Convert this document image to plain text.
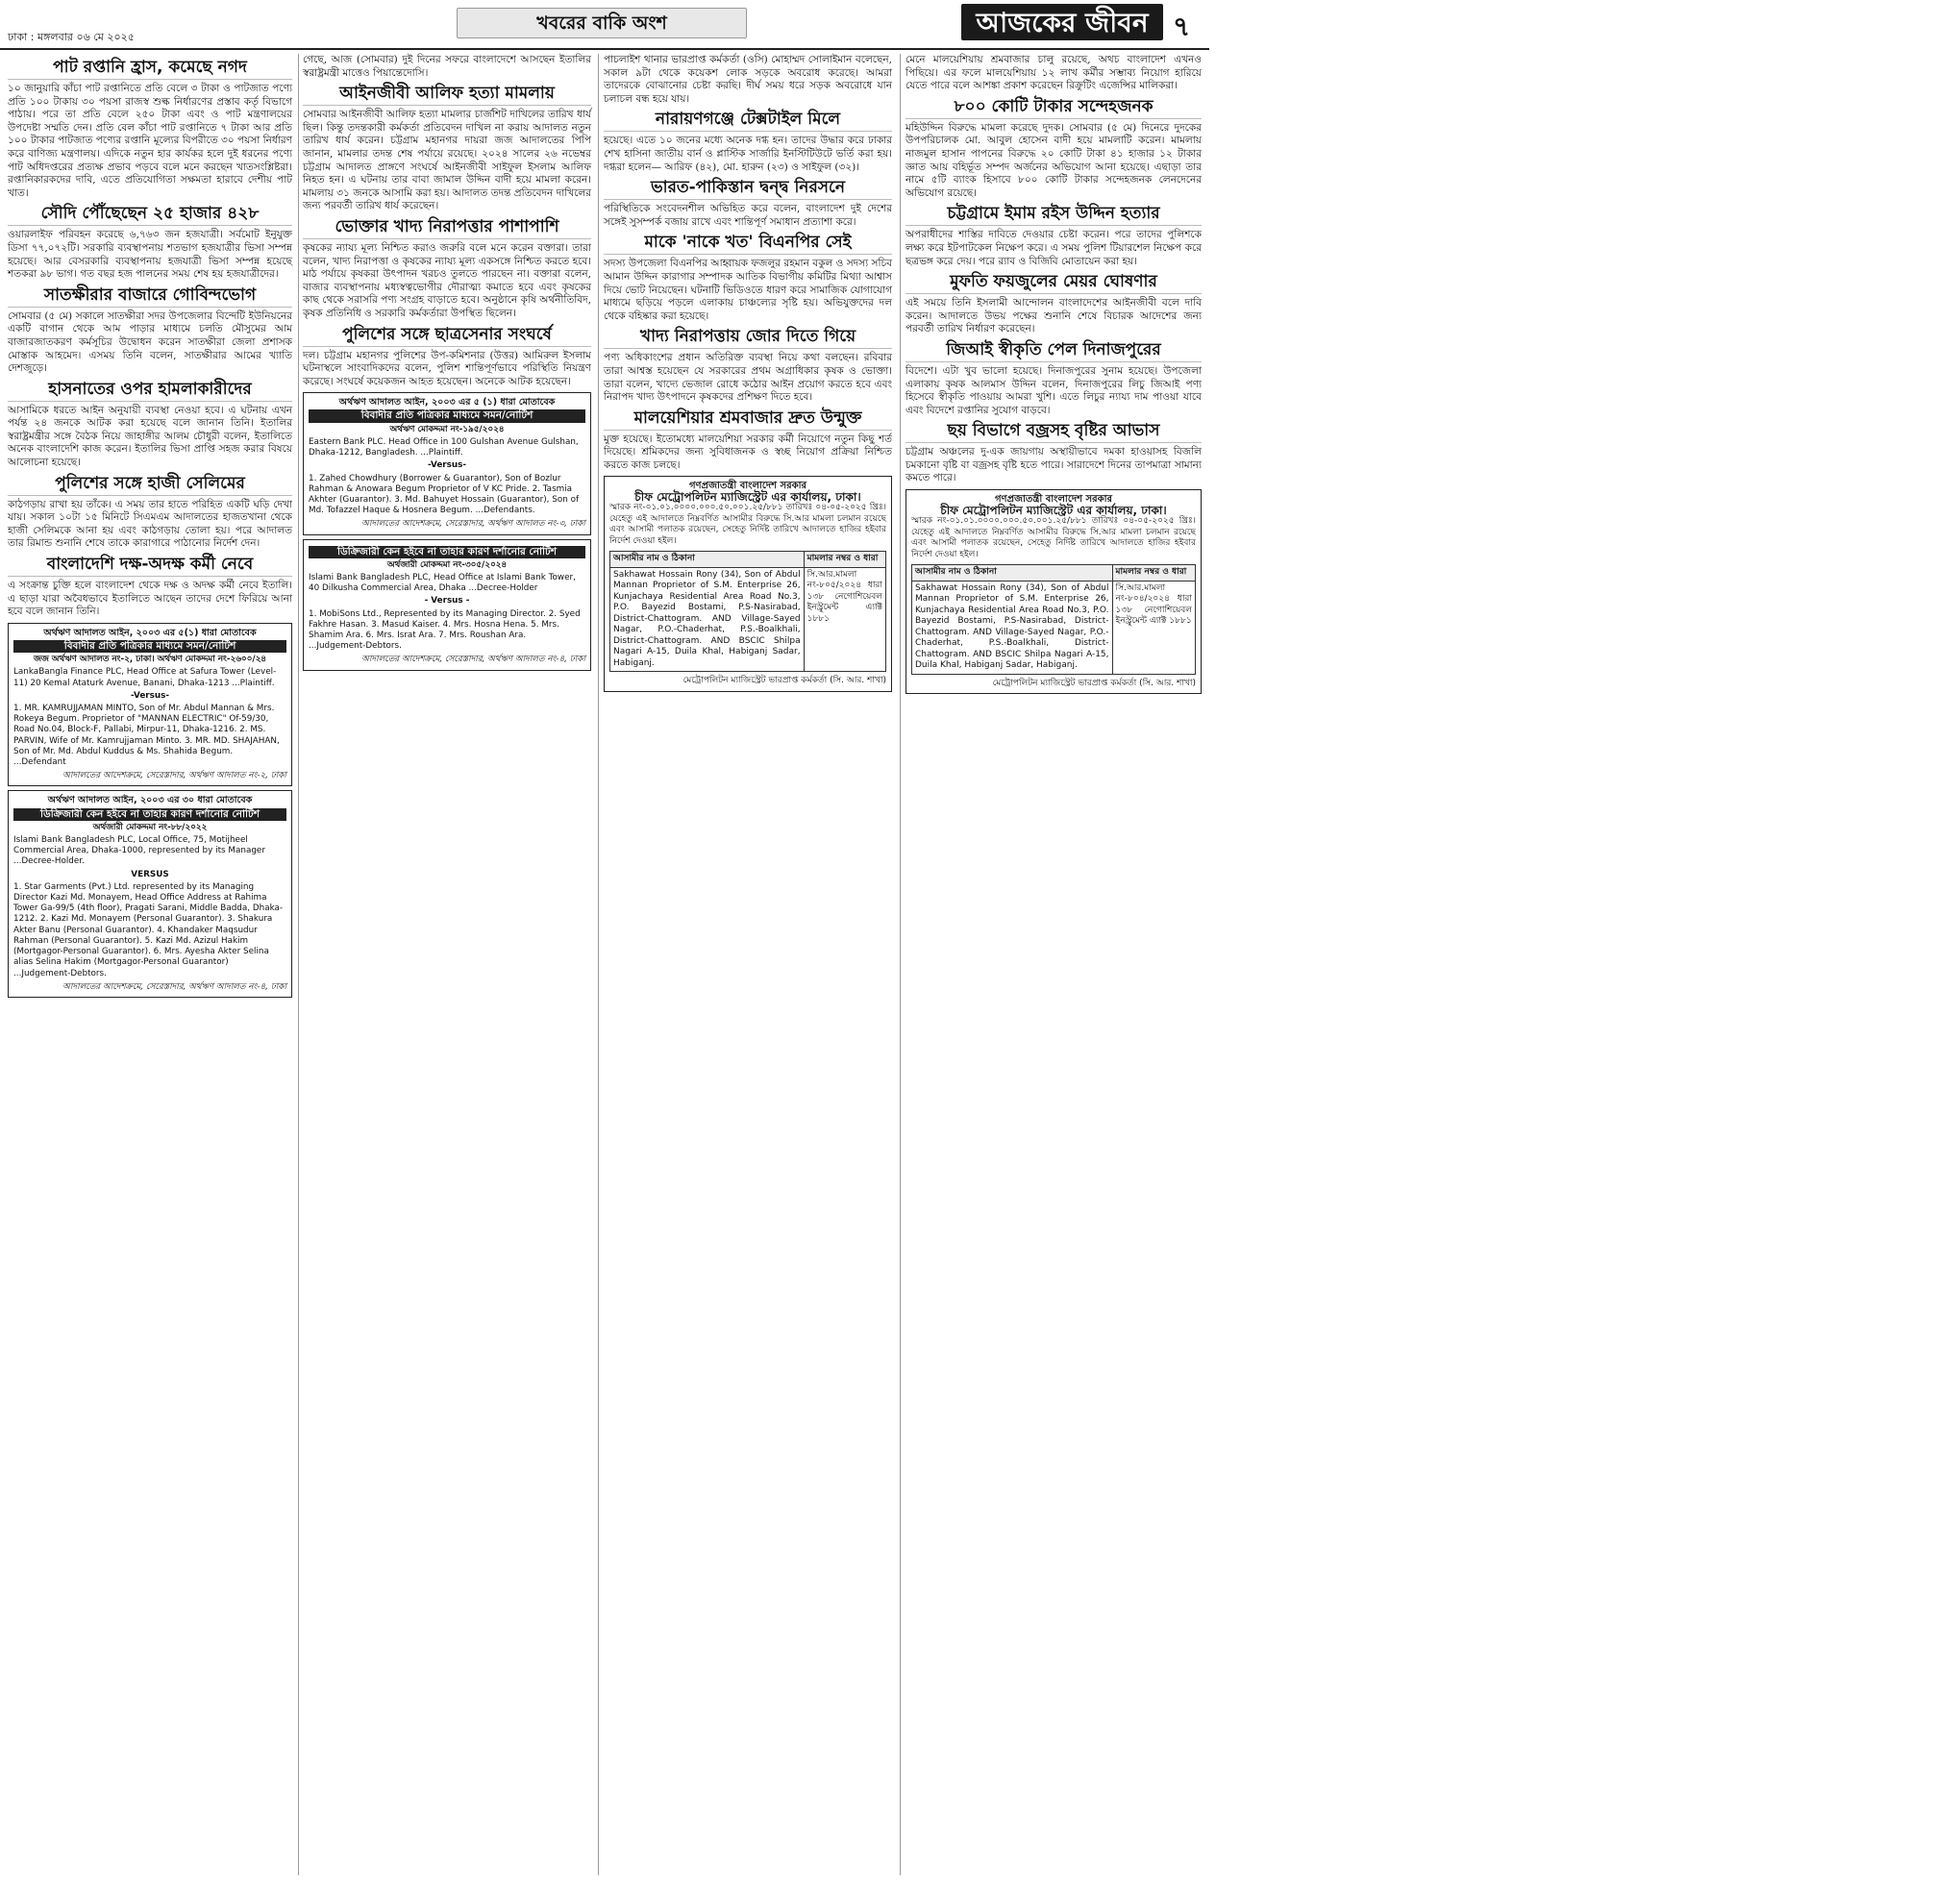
ঢাকা : মঙ্গলবার ০৬ মে ২০২৫
খবরের বাকি অংশ	সত্য প্রকাশে আপোষহীন
আজকের জীবন ৭
পাট রপ্তানি হ্রাস, কমেছে নগদ

১০ জানুয়ারি কাঁচা পাট রপ্তানিতে প্রতি বেলে ৩ টাকা ও পাটজাত পণ্যে প্রতি ১০০ টাকায় ৩০ পয়সা রাজস্ব শুল্ক নির্ধারণের প্রস্তাব কর্তৃ বিভাগে পাঠায়। পরে তা প্রতি বেলে ২৫০ টাকা এবং ও পাট মন্ত্রণালয়ের উপদেষ্টা সম্মতি দেন। প্রতি বেল কাঁচা পাট রপ্তানিতে ৭ টাকা আর প্রতি ১০০ টাকার পাটজাত পণ্যের রপ্তানি মূল্যের বিপরীতে ৩০ পয়সা নির্ধারণ করে বাণিজ্য মন্ত্রণালয়। এদিকে নতুন হার কার্যকর হলে দুই ধরনের পণ্যে পাট অধিদপ্তরের প্রত্যক্ষ প্রভাব পড়বে বলে মনে করছেন খাতসংশ্লিষ্টরা। রপ্তানিকারকদের দাবি, এতে প্রতিযোগিতা সক্ষমতা হারাবে দেশীয় পাট খাত।

সৌদি পৌঁছেছেন ২৫ হাজার ৪২৮

ওয়ারলাইফ পরিবহন করেছে ৬,৭৬৩ জন হজযাত্রী। সর্বমোট ইনুযুক্ত ডিসা ৭৭,০৭২টি। সরকারি ব্যবস্থাপনায় শতভাগ হজযাত্রীর ভিসা সম্পন্ন হয়েছে। আর বেসরকারি ব্যবস্থাপনায় হজযাত্রী ভিসা সম্পন্ন হয়েছে শতকরা ৯৮ ভাগ। গত বছর হজ পালনের সময় শেষ হয় হজযাত্রীদের।

সাতক্ষীরার বাজারে গোবিন্দভোগ

সোমবার (৫ মে) সকালে সাতক্ষীরা সদর উপজেলার বিন্দেটি ইউনিয়নের একটি বাগান থেকে আম পাড়ার মাধ্যমে চলতি মৌসুমের আম বাজারজাতকরণ কর্মসূচির উদ্বোধন করেন সাতক্ষীরা জেলা প্রশাসক মোস্তাক আহমেদ। এসময় তিনি বলেন, সাতক্ষীরার আমের খ্যাতি দেশজুড়ে।

হাসনাতের ওপর হামলাকারীদের

আসামিকে ধরতে আইন অনুযায়ী ব্যবস্থা নেওয়া হবে। এ ঘটনায় এখন পর্যন্ত ২৪ জনকে আটক করা হয়েছে বলে জানান তিনি। ইতালির স্বরাষ্ট্রমন্ত্রীর সঙ্গে বৈঠক নিয়ে জাহাঙ্গীর আলম চৌধুরী বলেন, ইতালিতে অনেক বাংলাদেশি কাজ করেন। ইতালির ভিসা প্রাপ্তি সহজ করার বিষয়ে আলোচনা হয়েছে।

পুলিশের সঙ্গে হাজী সেলিমের

কাঠগড়ায় রাখা হয় তাঁকে। এ সময় তার হাতে পরিহিত একটি ঘড়ি দেখা যায়। সকাল ১০টা ১৫ মিনিটে সিএমএম আদালতের হাজতখানা থেকে হাজী সেলিমকে আনা হয় এবং কাঠগড়ায় তোলা হয়। পরে আদালত তার রিমান্ড শুনানি শেষে তাকে কারাগারে পাঠানোর নির্দেশ দেন।

বাংলাদেশি দক্ষ-অদক্ষ কর্মী নেবে

এ সংক্রান্ত চুক্তি হলে বাংলাদেশ থেকে দক্ষ ও অদক্ষ কর্মী নেবে ইতালি। এ ছাড়া যারা অবৈধভাবে ইতালিতে আছেন তাদের দেশে ফিরিয়ে আনা হবে বলে জানান তিনি।

অর্থঋণ আদালত আইন, ২০০৩ এর ৫(১) ধারা মোতাবেক
বিবাদীর প্রতি পত্রিকার মাধ্যমে সমন/নোটিশ
জজ অর্থঋণ আদালত নং-২, ঢাকা। অর্থঋণ মোকদ্দমা নং-২৬০০/২৪
LankaBangla Finance PLC, Head Office at Safura Tower (Level-11) 20 Kemal Ataturk Avenue, Banani, Dhaka-1213 ...Plaintiff.
-Versus-
1. MR. KAMRUJJAMAN MINTO, Son of Mr. Abdul Mannan & Mrs. Rokeya Begum. Proprietor of "MANNAN ELECTRIC" Of-59/30, Road No.04, Block-F, Pallabi, Mirpur-11, Dhaka-1216. 2. MS. PARVIN, Wife of Mr. Kamrujjaman Minto. 3. MR. MD. SHAJAHAN, Son of Mr. Md. Abdul Kuddus & Ms. Shahida Begum. ...Defendant
আদালতের আদেশক্রমে, সেরেস্তাদার, অর্থঋণ আদালত নং-২, ঢাকা
অর্থঋণ আদালত আইন, ২০০৩ এর ৩০ ধারা মোতাবেক
ডিক্রিজারী কেন হইবে না তাহার কারণ দর্শানোর নোটিশ
অর্থজারী মোকদ্দমা নং-৮৮/২০২২
Islami Bank Bangladesh PLC, Local Office, 75, Motijheel Commercial Area, Dhaka-1000, represented by its Manager ...Decree-Holder.
VERSUS
1. Star Garments (Pvt.) Ltd. represented by its Managing Director Kazi Md. Monayem, Head Office Address at Rahima Tower Ga-99/5 (4th floor), Pragati Sarani, Middle Badda, Dhaka-1212. 2. Kazi Md. Monayem (Personal Guarantor). 3. Shakura Akter Banu (Personal Guarantor). 4. Khandaker Maqsudur Rahman (Personal Guarantor). 5. Kazi Md. Azizul Hakim (Mortgagor-Personal Guarantor). 6. Mrs. Ayesha Akter Selina alias Selina Hakim (Mortgagor-Personal Guarantor) ...Judgement-Debtors.
আদালতের আদেশক্রমে, সেরেস্তাদার, অর্থঋণ আদালত নং-৪, ঢাকা

গেছে, আজ (সোমবার) দুই দিনের সফরে বাংলাদেশে আসছেন ইতালির স্বরাষ্ট্রমন্ত্রী মাত্তেও পিয়ান্তেদোসি।

আইনজীবী আলিফ হত্যা মামলায়

সোমবার আইনজীবী আলিফ হত্যা মামলার চার্জশিট দাখিলের তারিখ ধার্য ছিল। কিন্তু তদন্তকারী কর্মকর্তা প্রতিবেদন দাখিল না করায় আদালত নতুন তারিখ ধার্য করেন। চট্টগ্রাম মহানগর দায়রা জজ আদালতের পিপি জানান, মামলার তদন্ত শেষ পর্যায়ে রয়েছে। ২০২৪ সালের ২৬ নভেম্বর চট্টগ্রাম আদালত প্রাঙ্গণে সংঘর্ষে আইনজীবী সাইফুল ইসলাম আলিফ নিহত হন। এ ঘটনায় তার বাবা জামাল উদ্দিন বাদী হয়ে মামলা করেন। মামলায় ৩১ জনকে আসামি করা হয়। আদালত তদন্ত প্রতিবেদন দাখিলের জন্য পরবর্তী তারিখ ধার্য করেছেন।

ভোক্তার খাদ্য নিরাপত্তার পাশাপাশি

কৃষকের ন্যায্য মূল্য নিশ্চিত করাও জরুরি বলে মনে করেন বক্তারা। তারা বলেন, খাদ্য নিরাপত্তা ও কৃষকের ন্যায্য মূল্য একসঙ্গে নিশ্চিত করতে হবে। মাঠ পর্যায়ে কৃষকরা উৎপাদন খরচও তুলতে পারছেন না। বক্তারা বলেন, বাজার ব্যবস্থাপনায় মধ্যস্বত্বভোগীর দৌরাত্ম্য কমাতে হবে এবং কৃষকের কাছ থেকে সরাসরি পণ্য সংগ্রহ বাড়াতে হবে। অনুষ্ঠানে কৃষি অর্থনীতিবিদ, কৃষক প্রতিনিধি ও সরকারি কর্মকর্তারা উপস্থিত ছিলেন।

পুলিশের সঙ্গে ছাত্রসেনার সংঘর্ষে

দল। চট্টগ্রাম মহানগর পুলিশের উপ-কমিশনার (উত্তর) আমিরুল ইসলাম ঘটনাস্থলে সাংবাদিকদের বলেন, পুলিশ শান্তিপূর্ণভাবে পরিস্থিতি নিয়ন্ত্রণ করেছে। সংঘর্ষে কয়েকজন আহত হয়েছেন। অনেকে আটক হয়েছেন।

অর্থঋণ আদালত আইন, ২০০৩ এর ৫ (১) ধারা মোতাবেক
বিবাদীর প্রতি পত্রিকার মাধ্যমে সমন/নোটিশ
অর্থঋণ মোকদ্দমা নং-১৯৫/২০২৪
Eastern Bank PLC. Head Office in 100 Gulshan Avenue Gulshan, Dhaka-1212, Bangladesh. ...Plaintiff.
-Versus-
1. Zahed Chowdhury (Borrower & Guarantor), Son of Bozlur Rahman & Anowara Begum Proprietor of V KC Pride. 2. Tasmia Akhter (Guarantor). 3. Md. Bahuyet Hossain (Guarantor), Son of Md. Tofazzel Haque & Hosnera Begum. ...Defendants.
আদালতের আদেশক্রমে, সেরেস্তাদার, অর্থঋণ আদালত নং-৩, ঢাকা
ডিক্রিজারী কেন হইবে না তাহার কারণ দর্শানোর নোটিশ
অর্থজারী মোকদ্দমা নং-৩০৫/২০২৪
Islami Bank Bangladesh PLC, Head Office at Islami Bank Tower, 40 Dilkusha Commercial Area, Dhaka ...Decree-Holder
- Versus -
1. MobiSons Ltd., Represented by its Managing Director. 2. Syed Fakhre Hasan. 3. Masud Kaiser. 4. Mrs. Hosna Hena. 5. Mrs. Shamim Ara. 6. Mrs. Israt Ara. 7. Mrs. Roushan Ara. ...Judgement-Debtors.
আদালতের আদেশক্রমে, সেরেস্তাদার, অর্থঋণ আদালত নং-৪, ঢাকা

পাচলাইশ থানার ভারপ্রাপ্ত কর্মকর্তা (ওসি) মোহাম্মদ সোলাইমান বলেছেন, সকাল ৯টা থেকে কয়েকশ লোক সড়কে অবরোধ করেছে। আমরা তাদেরকে বোঝানোর চেষ্টা করছি। দীর্ঘ সময় ধরে সড়ক অবরোধে যান চলাচল বন্ধ হয়ে যায়।

নারায়ণগঞ্জে টেক্সটাইল মিলে

হয়েছে। এতে ১০ জনের মধ্যে অনেক দগ্ধ হন। তাদের উদ্ধার করে ঢাকার শেখ হাসিনা জাতীয় বার্ন ও প্লাস্টিক সার্জারি ইনস্টিটিউটে ভর্তি করা হয়। দগ্ধরা হলেন— আরিফ (৪২), মো. হারুন (২৩) ও সাইফুল (৩২)।

ভারত-পাকিস্তান দ্বন্দ্ব নিরসনে

পরিস্থিতিকে সংবেদনশীল অভিহিত করে বলেন, বাংলাদেশ দুই দেশের সঙ্গেই সুসম্পর্ক বজায় রাখে এবং শান্তিপূর্ণ সমাধান প্রত্যাশা করে।

মাকে 'নাকে খত' বিএনপির সেই

সদস্য উপজেলা বিএনপির আহ্বায়ক ফজলুর রহমান বকুল ও সদস্য সচিব আমান উদ্দিন কারাগার সম্পাদক আতিক বিভাগীয় কমিটির মিথ্যা আশ্বাস দিয়ে ভোট নিয়েছেন। ঘটনাটি ভিডিওতে ধারণ করে সামাজিক যোগাযোগ মাধ্যমে ছড়িয়ে পড়লে এলাকায় চাঞ্চল্যের সৃষ্টি হয়। অভিযুক্তদের দল থেকে বহিষ্কার করা হয়েছে।

খাদ্য নিরাপত্তায় জোর দিতে গিয়ে

পণ্য অধিকাংশের প্রধান অতিরিক্ত ব্যবস্থা নিয়ে কথা বলছেন। রবিবার তারা আশ্বস্ত হয়েছেন যে সরকারের প্রথম অগ্রাধিকার কৃষক ও ভোক্তা। তারা বলেন, খাদ্যে ভেজাল রোধে কঠোর আইন প্রয়োগ করতে হবে এবং নিরাপদ খাদ্য উৎপাদনে কৃষকদের প্রশিক্ষণ দিতে হবে।

মালয়েশিয়ার শ্রমবাজার দ্রুত উন্মুক্ত

মুক্ত হয়েছে। ইতোমধ্যে মালয়েশিয়া সরকার কর্মী নিয়োগে নতুন কিছু শর্ত দিয়েছে। শ্রমিকদের জন্য সুবিধাজনক ও স্বচ্ছ নিয়োগ প্রক্রিয়া নিশ্চিত করতে কাজ চলছে।

গণপ্রজাতন্ত্রী বাংলাদেশ সরকার
চীফ মেট্রোপলিটন ম্যাজিস্ট্রেট এর কার্যালয়, ঢাকা।

স্মারক নং-০১.০১.০০০০.০০০.৫০.০০১.২৫/৮৮১ তারিখঃ ০৪-০৫-২০২৫ খ্রিঃ। যেহেতু এই আদালতে নিম্নবর্ণিত আসামীর বিরুদ্ধে সি.আর মামলা চলমান রয়েছে এবং আসামী পলাতক রয়েছেন, সেহেতু নির্দিষ্ট তারিখে আদালতে হাজির হইবার নির্দেশ দেওয়া হইল।

আসামীর নাম ও ঠিকানা	মামলার নম্বর ও ধারা
Sakhawat Hossain Rony (34), Son of Abdul Mannan Proprietor of S.M. Enterprise 26, Kunjachaya Residential Area Road No.3, P.O. Bayezid Bostami, P.S-Nasirabad, District-Chattogram. AND Village-Sayed Nagar, P.O.-Chaderhat, P.S.-Boalkhali, District-Chattogram. AND BSCIC Shilpa Nagari A-15, Duila Khal, Habiganj Sadar, Habiganj.	সি.আর.মামলা নং-৮০৫/২০২৪ ধারা ১৩৮ নেগোশিয়েবল ইনস্ট্রুমেন্ট এ্যাক্ট ১৮৮১
মেট্রোপলিটন ম্যাজিস্ট্রেট ভারপ্রাপ্ত কর্মকর্তা (সি. আর. শাখা)

মেনে মালয়েশিয়ায় শ্রমবাজার চালু রয়েছে, অথচ বাংলাদেশ এখনও পিছিয়ে। এর ফলে মালয়েশিয়ায় ১২ লাখ কর্মীর সম্ভাব্য নিয়োগ হারিয়ে যেতে পারে বলে আশঙ্কা প্রকাশ করেছেন রিক্রুটিং এজেন্সির মালিকরা।

৮০০ কোটি টাকার সন্দেহজনক

মহিউদ্দিন বিরুদ্ধে মামলা করেছে দুদক। সোমবার (৫ মে) দিনেরে দুদকের উপপরিচালক মো. আবুল হোসেন বাদী হয়ে মামলাটি করেন। মামলায় নাজমুল হাসান পাপনের বিরুদ্ধে ২০ কোটি টাকা ৪১ হাজার ১২ টাকার জ্ঞাত আয় বহির্ভূত সম্পদ অর্জনের অভিযোগ আনা হয়েছে। এছাড়া তার নামে ৫টি ব্যাংক হিসাবে ৮০০ কোটি টাকার সন্দেহজনক লেনদেনের অভিযোগ রয়েছে।

চট্টগ্রামে ইমাম রইস উদ্দিন হত্যার

অপরাধীদের শাস্তির দাবিতে দেওয়ার চেষ্টা করেন। পরে তাদের পুলিশকে লক্ষ্য করে ইটপাটকেল নিক্ষেপ করে। এ সময় পুলিশ টিয়ারশেল নিক্ষেপ করে ছত্রভঙ্গ করে দেয়। পরে র‍্যাব ও বিজিবি মোতায়েন করা হয়।

মুফতি ফয়জুলের মেয়র ঘোষণার

এই সময়ে তিনি ইসলামী আন্দোলন বাংলাদেশের আইনজীবী বলে দাবি করেন। আদালতে উভয় পক্ষের শুনানি শেষে বিচারক আদেশের জন্য পরবর্তী তারিখ নির্ধারণ করেছেন।

জিআই স্বীকৃতি পেল দিনাজপুরের

বিদেশে। এটা খুব ভালো হয়েছে। দিনাজপুরের সুনাম হয়েছে। উপজেলা এলাকায় কৃষক আলমাস উদ্দিন বলেন, দিনাজপুরের লিচু জিআই পণ্য হিসেবে স্বীকৃতি পাওয়ায় আমরা খুশি। এতে লিচুর ন্যায্য দাম পাওয়া যাবে এবং বিদেশে রপ্তানির সুযোগ বাড়বে।

ছয় বিভাগে বজ্রসহ বৃষ্টির আভাস

চট্টগ্রাম অঞ্চলের দু-এক জায়গায় অস্থায়ীভাবে দমকা হাওয়াসহ বিজলি চমকানো বৃষ্টি বা বজ্রসহ বৃষ্টি হতে পারে। সারাদেশে দিনের তাপমাত্রা সামান্য কমতে পারে।

গণপ্রজাতন্ত্রী বাংলাদেশ সরকার
চীফ মেট্রোপলিটন ম্যাজিস্ট্রেট এর কার্যালয়, ঢাকা।

স্মারক নং-০১.০১.০০০০.০০০.৫০.০০১.২৫/৮৮১ তারিখঃ ০৪-০৫-২০২৫ খ্রিঃ। যেহেতু এই আদালতে নিম্নবর্ণিত আসামীর বিরুদ্ধে সি.আর মামলা চলমান রয়েছে এবং আসামী পলাতক রয়েছেন, সেহেতু নির্দিষ্ট তারিখে আদালতে হাজির হইবার নির্দেশ দেওয়া হইল।

আসামীর নাম ও ঠিকানা	মামলার নম্বর ও ধারা
Sakhawat Hossain Rony (34), Son of Abdul Mannan Proprietor of S.M. Enterprise 26, Kunjachaya Residential Area Road No.3, P.O. Bayezid Bostami, P.S-Nasirabad, District-Chattogram. AND Village-Sayed Nagar, P.O.-Chaderhat, P.S.-Boalkhali, District-Chattogram. AND BSCIC Shilpa Nagari A-15, Duila Khal, Habiganj Sadar, Habiganj.	সি.আর.মামলা নং-৮০৪/২০২৪ ধারা ১৩৮ নেগোশিয়েবল ইনস্ট্রুমেন্ট এ্যাক্ট ১৮৮১
মেট্রোপলিটন ম্যাজিস্ট্রেট ভারপ্রাপ্ত কর্মকর্তা (সি. আর. শাখা)
